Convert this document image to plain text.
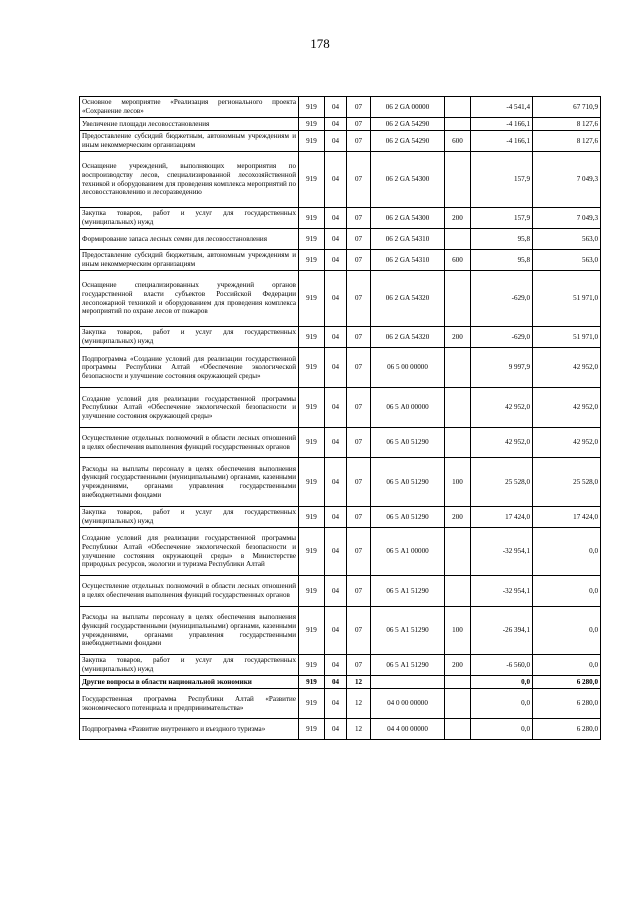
178
Основное мероприятие «Реализация регионального проекта «Сохранение лесов»	919	04	07	06 2 GA 00000		-4 541,4	67 710,9
Увеличение площади лесовосстановления	919	04	07	06 2 GA 54290		-4 166,1	8 127,6
Предоставление субсидий бюджетным, автономным учреждениям и иным некоммерческим организациям	919	04	07	06 2 GA 54290	600	-4 166,1	8 127,6
Оснащение учреждений, выполняющих мероприятия по воспроизводству лесов, специализированной лесохозяйственной техникой и оборудованием для проведения комплекса мероприятий по лесовосстановлению и лесоразведению	919	04	07	06 2 GA 54300		157,9	7 049,3
Закупка товаров, работ и услуг для государственных (муниципальных) нужд	919	04	07	06 2 GA 54300	200	157,9	7 049,3
Формирование запаса лесных семян для лесовосстановления	919	04	07	06 2 GA 54310		95,8	563,0
Предоставление субсидий бюджетным, автономным учреждениям и иным некоммерческим организациям	919	04	07	06 2 GA 54310	600	95,8	563,0
Оснащение специализированных учреждений органов государственной власти субъектов Российской Федерации лесопожарной техникой и оборудованием для проведения комплекса мероприятий по охране лесов от пожаров	919	04	07	06 2 GA 54320		-629,0	51 971,0
Закупка товаров, работ и услуг для государственных (муниципальных) нужд	919	04	07	06 2 GA 54320	200	-629,0	51 971,0
Подпрограмма «Создание условий для реализации государственной программы Республики Алтай «Обеспечение экологической безопасности и улучшение состояния окружающей среды»	919	04	07	06 5 00 00000		9 997,9	42 952,0
Создание условий для реализации государственной программы Республики Алтай «Обеспечение экологической безопасности и улучшение состояния окружающей среды»	919	04	07	06 5 А0 00000		42 952,0	42 952,0
Осуществление отдельных полномочий в области лесных отношений в целях обеспечения выполнения функций государственных органов	919	04	07	06 5 А0 51290		42 952,0	42 952,0
Расходы на выплаты персоналу в целях обеспечения выполнения функций государственными (муниципальными) органами, казенными учреждениями, органами управления государственными внебюджетными фондами	919	04	07	06 5 А0 51290	100	25 528,0	25 528,0
Закупка товаров, работ и услуг для государственных (муниципальных) нужд	919	04	07	06 5 А0 51290	200	17 424,0	17 424,0
Создание условий для реализации государственной программы Республики Алтай «Обеспечение экологической безопасности и улучшение состояния окружающей среды» в Министерстве природных ресурсов, экологии и туризма Республики Алтай	919	04	07	06 5 А1 00000		-32 954,1	0,0
Осуществление отдельных полномочий в области лесных отношений в целях обеспечения выполнения функций государственных органов	919	04	07	06 5 А1 51290		-32 954,1	0,0
Расходы на выплаты персоналу в целях обеспечения выполнения функций государственными (муниципальными) органами, казенными учреждениями, органами управления государственными внебюджетными фондами	919	04	07	06 5 А1 51290	100	-26 394,1	0,0
Закупка товаров, работ и услуг для государственных (муниципальных) нужд	919	04	07	06 5 А1 51290	200	-6 560,0	0,0
Другие вопросы в области национальной экономики	919	04	12			0,0	6 280,0
Государственная программа Республики Алтай «Развитие экономического потенциала и предпринимательства»	919	04	12	04 0 00 00000		0,0	6 280,0
Подпрограмма «Развитие внутреннего и въездного туризма»	919	04	12	04 4 00 00000		0,0	6 280,0
